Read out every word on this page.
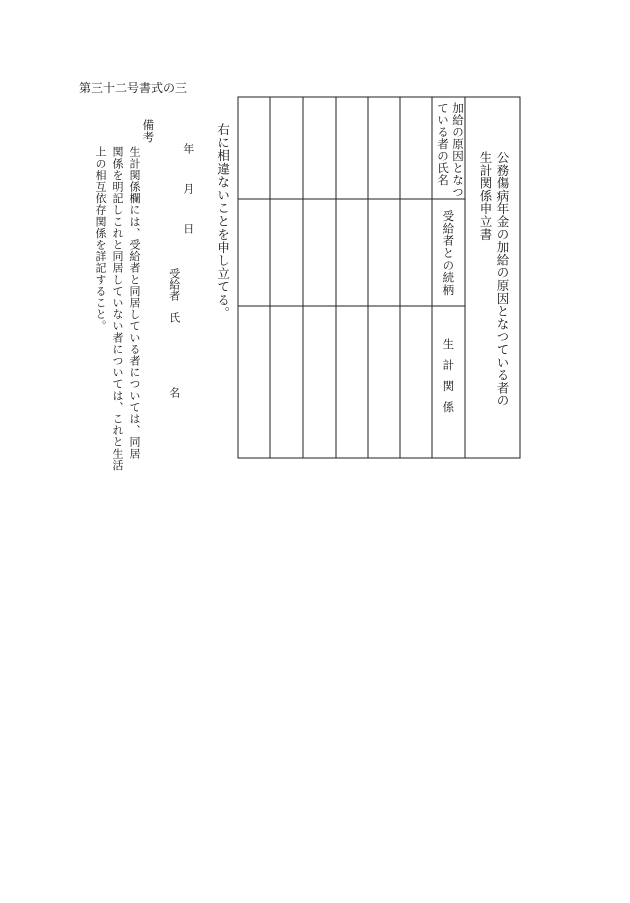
第三十二号書式の三
公務傷病年金の加給の原因となつている者の
生計関係申立書
加給の原因となつ
ている者の氏名
受給者との続柄
生計関係
右に相違ないことを申し立てる。
年月日
受給者氏名
備考
生計関係欄には、受給者と同居している者については、同居
関係を明記しこれと同居していない者については、これと生活
上の相互依存関係を詳記すること。
